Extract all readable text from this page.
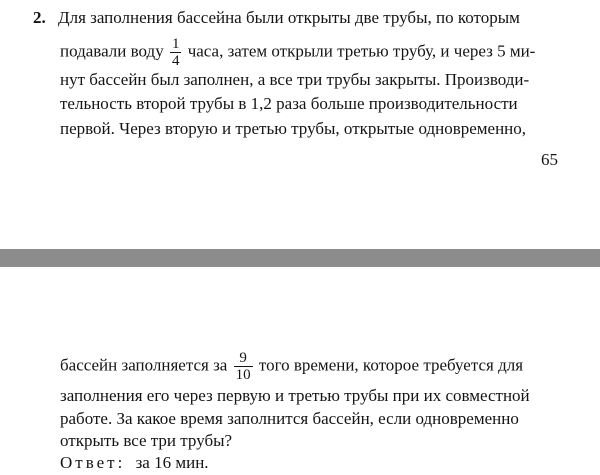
2. Для заполнения бассейна были открыты две трубы, по которым
подавали воду $\frac{1}{4}$ часа, затем открыли третью трубу, и через 5 ми-
нут бассейн был заполнен, а все три трубы закрыты. Производи-
тельность второй трубы в 1,2 раза больше производительности
первой. Через вторую и третью трубы, открытые одновременно,
65
бассейн заполняется за $\frac{9}{10}$ того времени, которое требуется для
заполнения его через первую и третью трубы при их совместной
работе. За какое время заполнится бассейн, если одновременно
открыть все три трубы?
Ответ: за 16 мин.
